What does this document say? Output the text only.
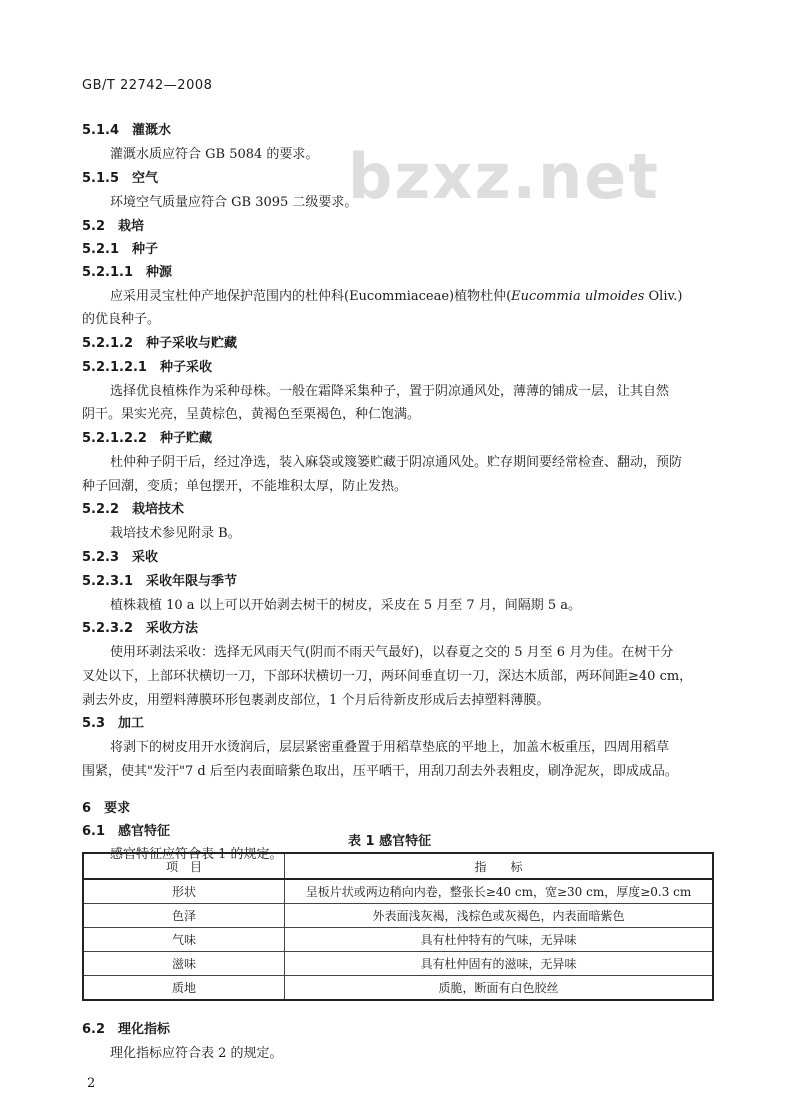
GB/T 22742—2008
bzxz.net
5.1.4　 灌溉水
灌溉水质应符合 GB 5084 的要求。
5.1.5　 空气
环境空气质量应符合 GB 3095 二级要求。
5.2　 栽培
5.2.1　 种子
5.2.1.1　 种源
应采用灵宝杜仲产地保护范围内的杜仲科(Eucommiaceae)植物杜仲(Eucommia ulmoides Oliv.)
的优良种子。
5.2.1.2　 种子采收与贮藏
5.2.1.2.1　 种子采收
选择优良植株作为采种母株。一般在霜降采集种子，置于阴凉通风处，薄薄的铺成一层，让其自然
阴干。果实光亮，呈黄棕色，黄褐色至栗褐色，种仁饱满。
5.2.1.2.2　 种子贮藏
杜仲种子阴干后，经过净选，装入麻袋或篾篓贮藏于阴凉通风处。贮存期间要经常检查、翻动，预防
种子回潮，变质；单包摆开，不能堆积太厚，防止发热。
5.2.2　 栽培技术
栽培技术参见附录 B。
5.2.3　 采收
5.2.3.1　 采收年限与季节
植株栽植 10 a 以上可以开始剥去树干的树皮，采皮在 5 月至 7 月，间隔期 5 a。
5.2.3.2　 采收方法
使用环剥法采收：选择无风雨天气(阴而不雨天气最好)，以春夏之交的 5 月至 6 月为佳。在树干分
叉处以下，上部环状横切一刀，下部环状横切一刀，两环间垂直切一刀，深达木质部，两环间距≥40 cm，
剥去外皮，用塑料薄膜环形包裹剥皮部位，1 个月后待新皮形成后去掉塑料薄膜。
5.3　 加工
将剥下的树皮用开水烫润后，层层紧密重叠置于用稻草垫底的平地上，加盖木板重压，四周用稻草
围紧，使其"发汗"7 d 后至内表面暗紫色取出，压平晒干，用刮刀刮去外表粗皮，刷净泥灰，即成成品。
6　 要求
6.1　 感官特征
感官特征应符合表 1 的规定。
表 1 感官特征
项　目	指　　标
形状	呈板片状或两边稍向内卷，整张长≥40 cm，宽≥30 cm，厚度≥0.3 cm
色泽	外表面浅灰褐，浅棕色或灰褐色，内表面暗紫色
气味	具有杜仲特有的气味，无异味
滋味	具有杜仲固有的滋味，无异味
质地	质脆，断面有白色胶丝
6.2　 理化指标
理化指标应符合表 2 的规定。
2
